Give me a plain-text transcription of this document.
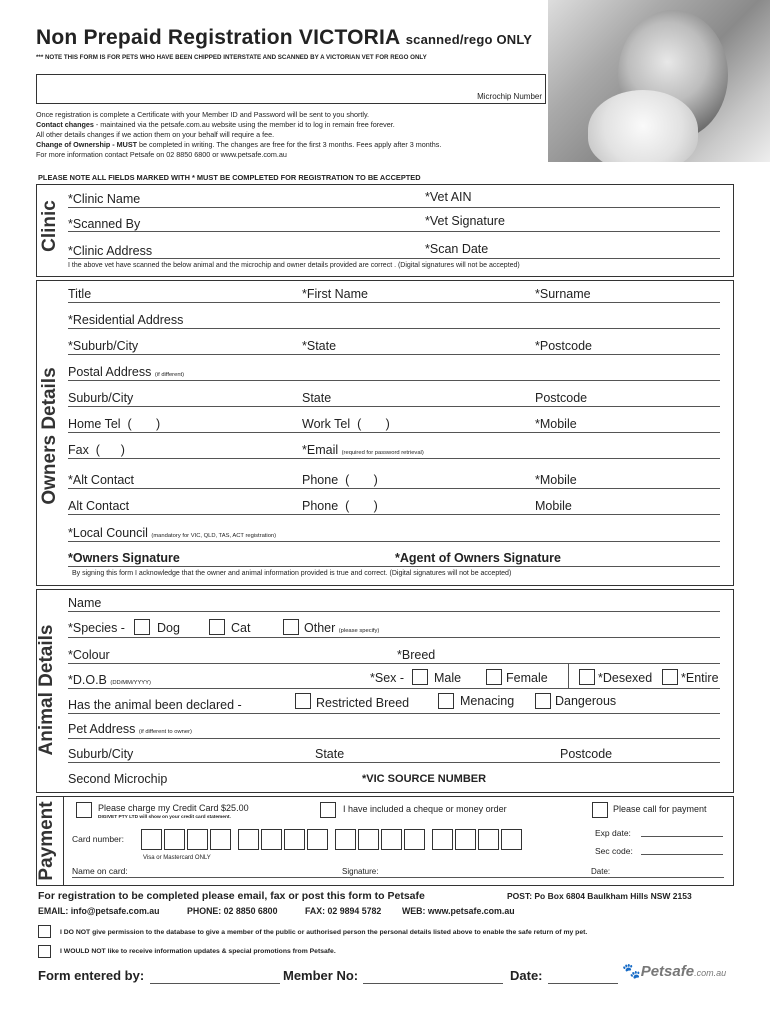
Non Prepaid Registration VICTORIA scanned/rego ONLY
*** NOTE THIS FORM IS FOR PETS WHO HAVE BEEN CHIPPED INTERSTATE AND SCANNED BY A VICTORIAN VET FOR REGO ONLY
Microchip Number
Once registration is complete a Certificate with your Member ID and Password will be sent to you shortly.
Contact changes - maintained via the petsafe.com.au website using the member id to log in remain free forever.
All other details changes if we action them on your behalf will require a fee.
Change of Ownership - MUST be completed in writing. The changes are free for the first 3 months. Fees apply after 3 months.
For more information contact Petsafe on 02 8850 6800 or www.petsafe.com.au
PLEASE NOTE ALL FIELDS MARKED WITH * MUST BE COMPLETED FOR REGISTRATION TO BE ACCEPTED
Clinic
*Clinic Name	*Vet AIN
*Scanned By	*Vet Signature
*Clinic Address	*Scan Date
I the above vet have scanned the below animal and the microchip and owner details provided are correct . (Digital signatures will not be accepted)
Owners Details
Title	*First Name	*Surname
*Residential Address
*Suburb/City	*State	*Postcode
Postal Address (if different)
Suburb/City	State	Postcode
Home Tel  (       )	Work Tel  (       )	*Mobile
Fax  (      )	*Email (required for password retrieval)
*Alt Contact	Phone  (       )	*Mobile
Alt Contact	Phone  (       )	Mobile
*Local Council (mandatory for VIC, QLD, TAS, ACT registration)
*Owners Signature	*Agent of Owners Signature
By signing this form I acknowledge that the owner and animal information provided is true and correct. (Digital signatures will not be accepted)
Animal Details
Name
*Species -	Dog	Cat	Other (please specify)
*Colour	*Breed
*D.O.B (DD/MM/YYYY)	*Sex - Male	Female	*Desexed *Entire
Has the animal been declared -	Restricted Breed	Menacing	Dangerous
Pet Address (if different to owner)
Suburb/City	State	Postcode
Second Microchip	*VIC SOURCE NUMBER
Payment	Please charge my Credit Card $25.00
DIGIVET PTY LTD will show on your credit card statement.
I have included a cheque or money order	Please call for payment
Card number:
Visa or Mastercard ONLY
Exp date:
Sec code:
Name on card:	Signature:	Date:
For registration to be completed please email, fax or post this form to Petsafe	POST: Po Box 6804 Baulkham Hills NSW 2153
EMAIL: info@petsafe.com.au	PHONE: 02 8850 6800	FAX: 02 9894 5782 WEB: www.petsafe.com.au
I DO NOT give permission to the database to give a member of the public or authorised person the personal details listed above to enable the safe return of my pet.
I WOULD NOT like to receive information updates & special promotions from Petsafe.
Form entered by:	Member No:	Date:	🐾Petsafe.com.au
